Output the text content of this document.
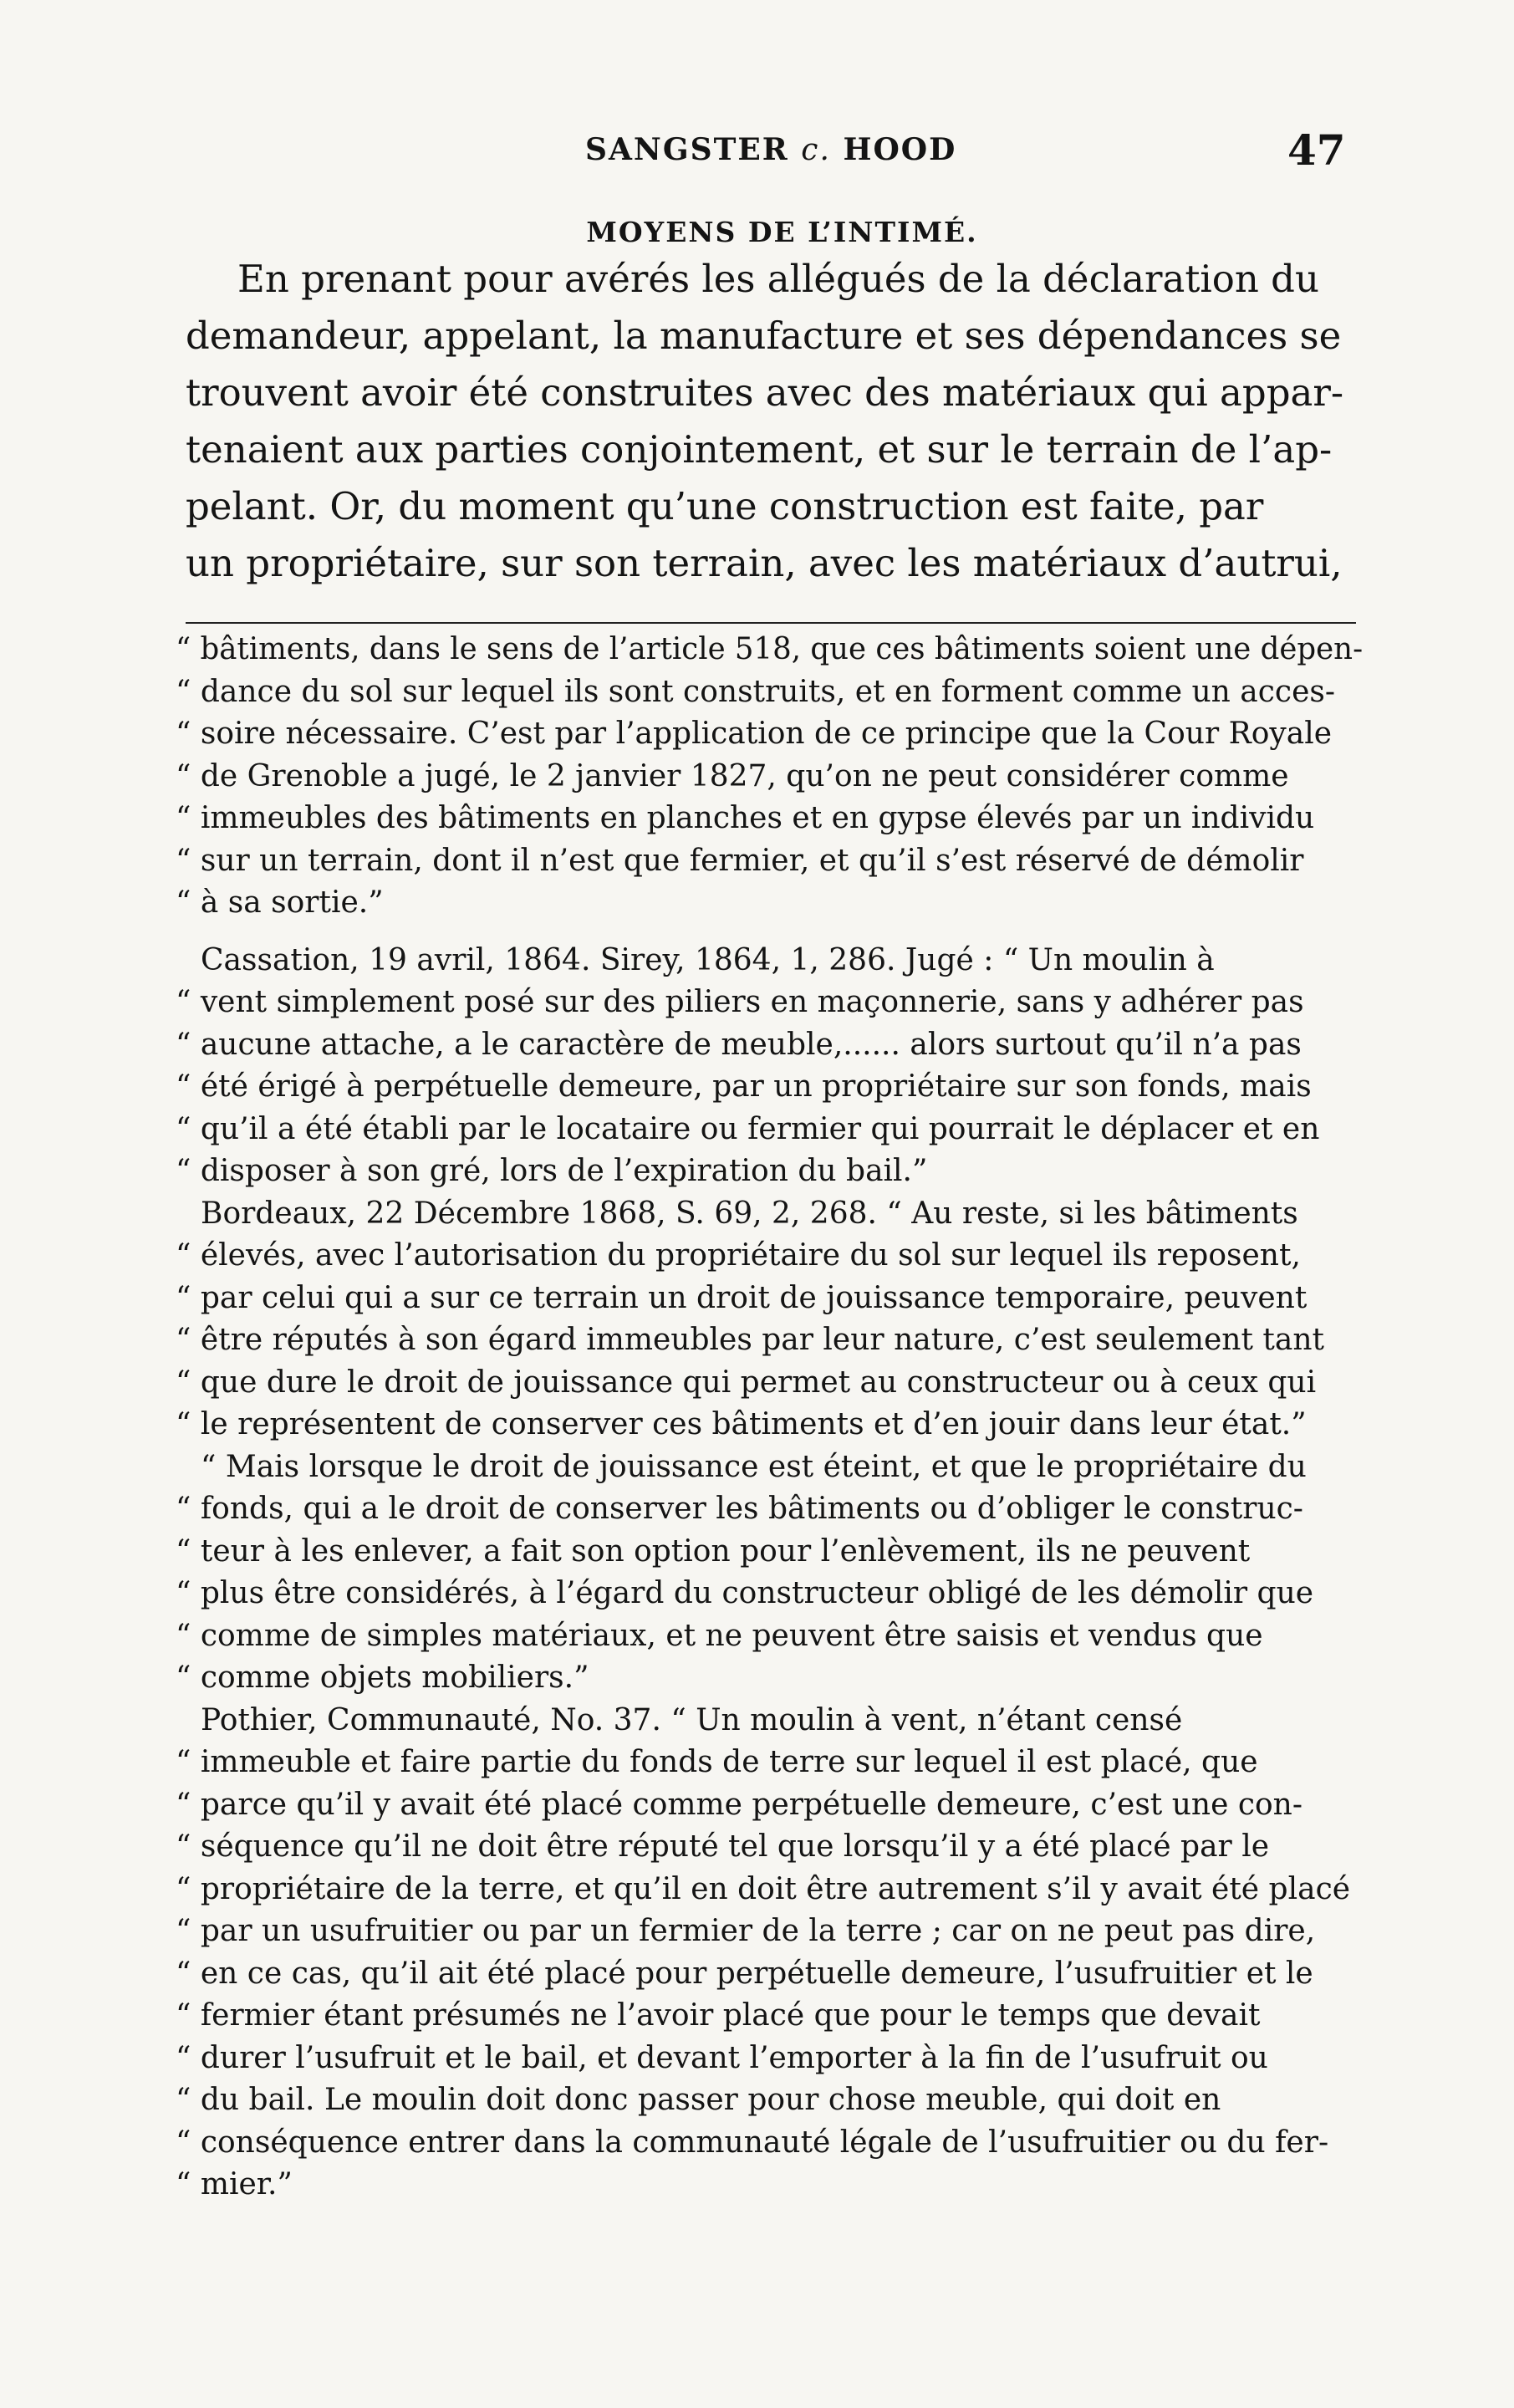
SANGSTER c. HOOD	47
MOYENS DE L’INTIMÉ.
En prenant pour avérés les allégués de la déclaration du
demandeur, appelant, la manufacture et ses dépendances se
trouvent avoir été construites avec des matériaux qui appar-
tenaient aux parties conjointement, et sur le terrain de l’ap-
pelant. Or, du moment qu’une construction est faite, par
un propriétaire, sur son terrain, avec les matériaux d’autrui,
“ bâtiments, dans le sens de l’article 518, que ces bâtiments soient une dépen-
“ dance du sol sur lequel ils sont construits, et en forment comme un acces-
“ soire nécessaire. C’est par l’application de ce principe que la Cour Royale
“ de Grenoble a jugé, le 2 janvier 1827, qu’on ne peut considérer comme
“ immeubles des bâtiments en planches et en gypse élevés par un individu
“ sur un terrain, dont il n’est que fermier, et qu’il s’est réservé de démolir
“ à sa sortie.”
Cassation, 19 avril, 1864. Sirey, 1864, 1, 286. Jugé : “ Un moulin à
“ vent simplement posé sur des piliers en maçonnerie, sans y adhérer pas
“ aucune attache, a le caractère de meuble,...... alors surtout qu’il n’a pas
“ été érigé à perpétuelle demeure, par un propriétaire sur son fonds, mais
“ qu’il a été établi par le locataire ou fermier qui pourrait le déplacer et en
“ disposer à son gré, lors de l’expiration du bail.”
Bordeaux, 22 Décembre 1868, S. 69, 2, 268. “ Au reste, si les bâtiments
“ élevés, avec l’autorisation du propriétaire du sol sur lequel ils reposent,
“ par celui qui a sur ce terrain un droit de jouissance temporaire, peuvent
“ être réputés à son égard immeubles par leur nature, c’est seulement tant
“ que dure le droit de jouissance qui permet au constructeur ou à ceux qui
“ le représentent de conserver ces bâtiments et d’en jouir dans leur état.”
“ Mais lorsque le droit de jouissance est éteint, et que le propriétaire du
“ fonds, qui a le droit de conserver les bâtiments ou d’obliger le construc-
“ teur à les enlever, a fait son option pour l’enlèvement, ils ne peuvent
“ plus être considérés, à l’égard du constructeur obligé de les démolir que
“ comme de simples matériaux, et ne peuvent être saisis et vendus que
“ comme objets mobiliers.”
Pothier, Communauté, No. 37. “ Un moulin à vent, n’étant censé
“ immeuble et faire partie du fonds de terre sur lequel il est placé, que
“ parce qu’il y avait été placé comme perpétuelle demeure, c’est une con-
“ séquence qu’il ne doit être réputé tel que lorsqu’il y a été placé par le
“ propriétaire de la terre, et qu’il en doit être autrement s’il y avait été placé
“ par un usufruitier ou par un fermier de la terre ; car on ne peut pas dire,
“ en ce cas, qu’il ait été placé pour perpétuelle demeure, l’usufruitier et le
“ fermier étant présumés ne l’avoir placé que pour le temps que devait
“ durer l’usufruit et le bail, et devant l’emporter à la fin de l’usufruit ou
“ du bail. Le moulin doit donc passer pour chose meuble, qui doit en
“ conséquence entrer dans la communauté légale de l’usufruitier ou du fer-
“ mier.”
